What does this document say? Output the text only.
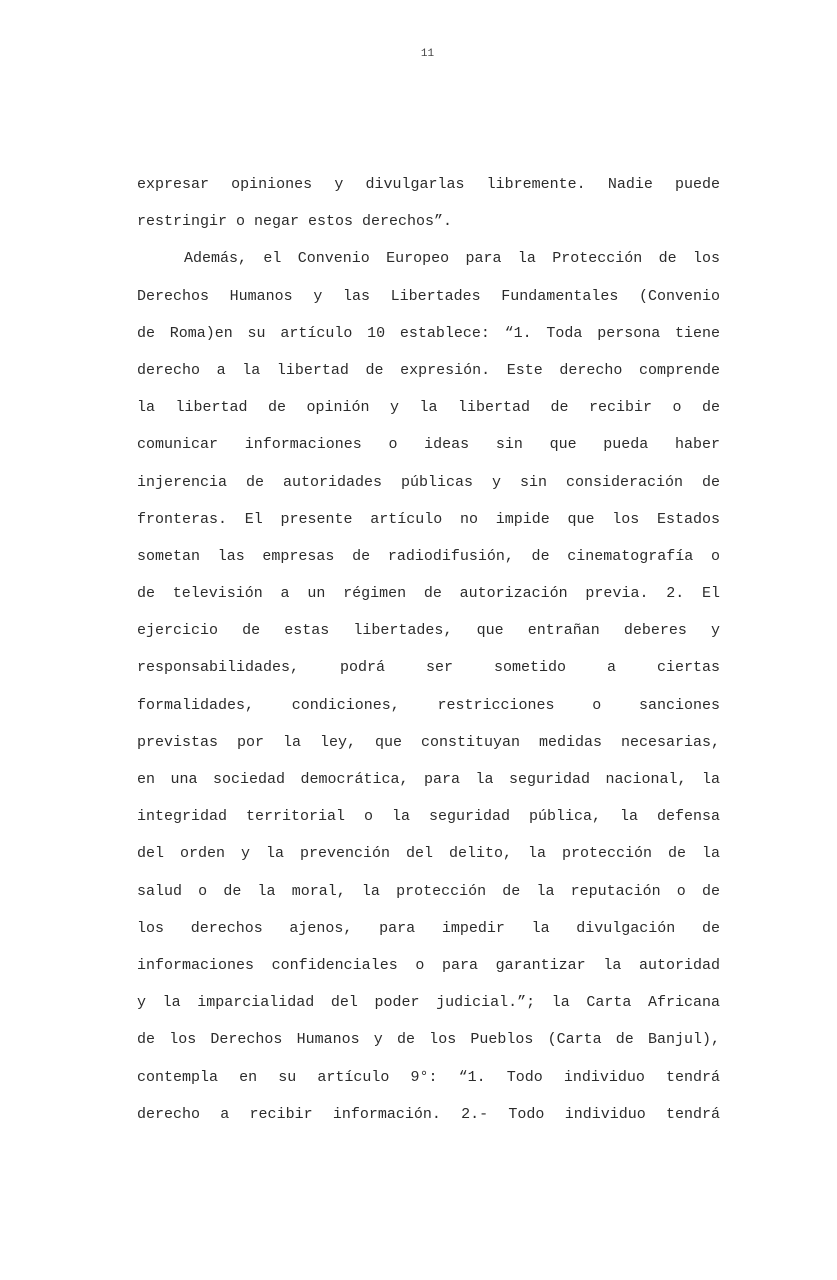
11
expresar opiniones y divulgarlas libremente. Nadie puede
restringir o negar estos derechos”.
Además, el Convenio Europeo para la Protección de los
Derechos Humanos y las Libertades Fundamentales (Convenio
de Roma)en su artículo 10 establece: “1. Toda persona tiene
derecho a la libertad de expresión. Este derecho comprende
la libertad de opinión y la libertad de recibir o de
comunicar informaciones o ideas sin que pueda haber
injerencia de autoridades públicas y sin consideración de
fronteras. El presente artículo no impide que los Estados
sometan las empresas de radiodifusión, de cinematografía o
de televisión a un régimen de autorización previa. 2. El
ejercicio de estas libertades, que entrañan deberes y
responsabilidades, podrá ser sometido a ciertas
formalidades, condiciones, restricciones o sanciones
previstas por la ley, que constituyan medidas necesarias,
en una sociedad democrática, para la seguridad nacional, la
integridad territorial o la seguridad pública, la defensa
del orden y la prevención del delito, la protección de la
salud o de la moral, la protección de la reputación o de
los derechos ajenos, para impedir la divulgación de
informaciones confidenciales o para garantizar la autoridad
y la imparcialidad del poder judicial.”; la Carta Africana
de los Derechos Humanos y de los Pueblos (Carta de Banjul),
contempla en su artículo 9°: “1. Todo individuo tendrá
derecho a recibir información. 2.- Todo individuo tendrá
